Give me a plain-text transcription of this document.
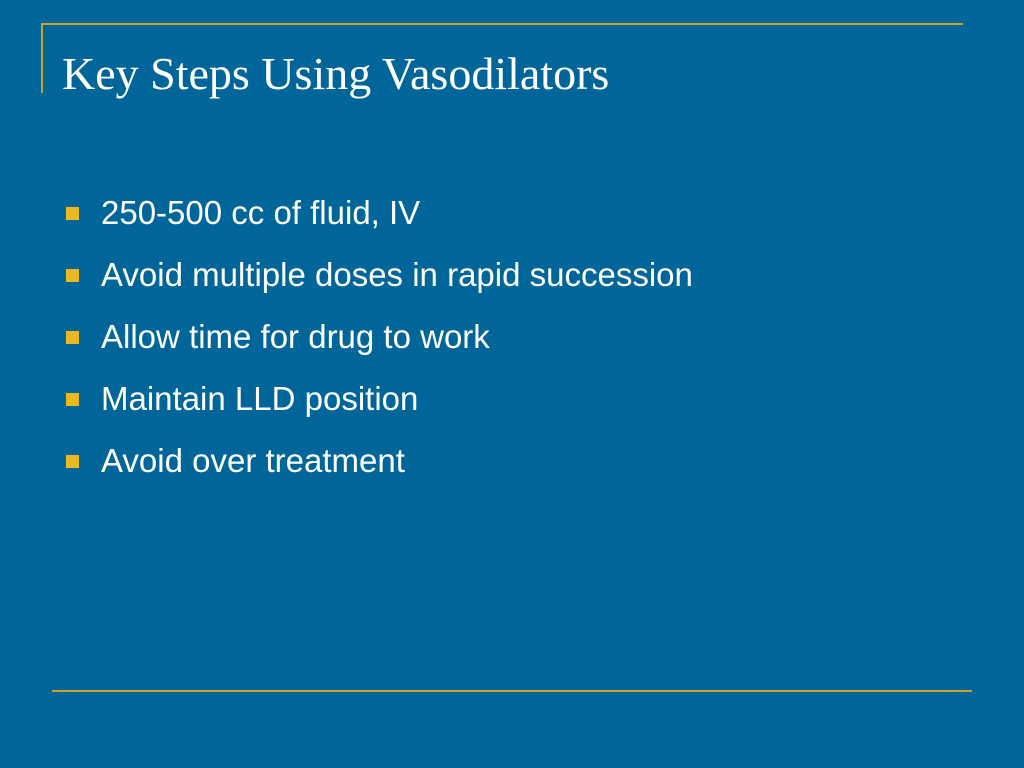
Key Steps Using Vasodilators
250-500 cc of fluid, IV
Avoid multiple doses in rapid succession
Allow time for drug to work
Maintain LLD position
Avoid over treatment
